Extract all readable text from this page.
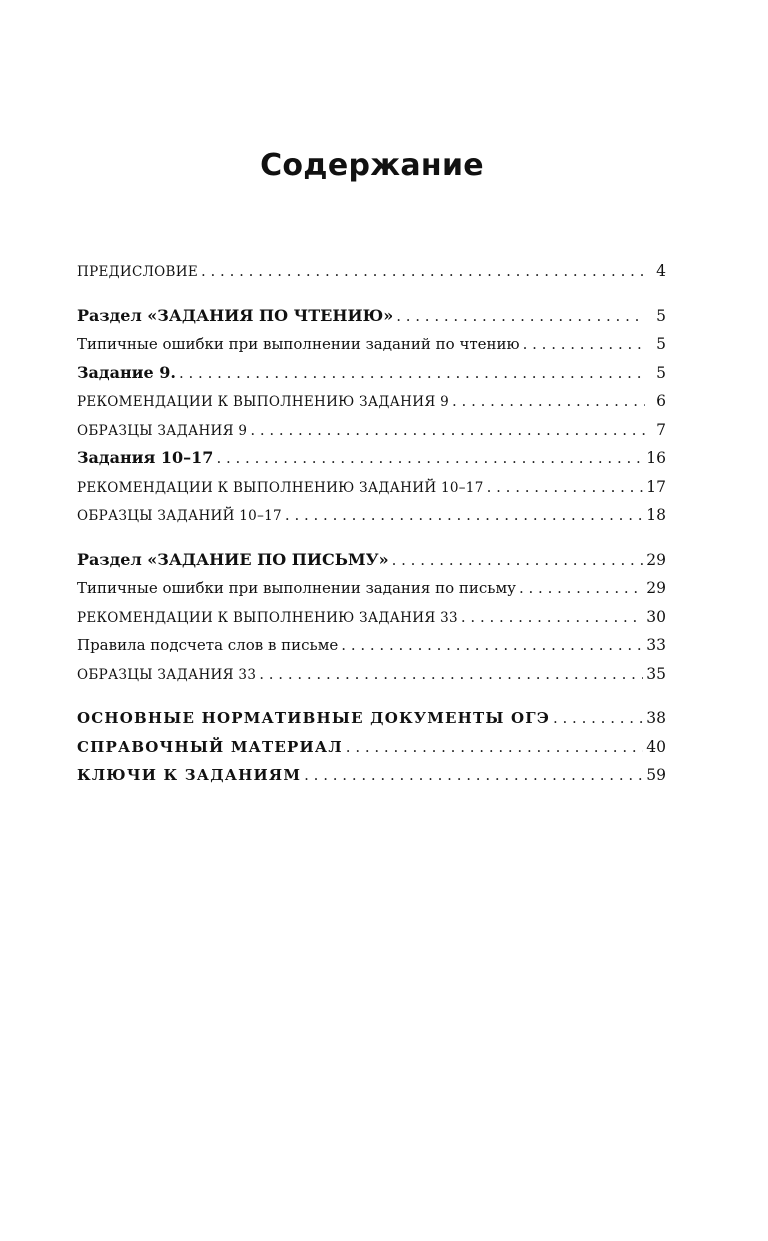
Содержание
ПРЕДИСЛОВИЕ . . .	4
Раздел «ЗАДАНИЯ ПО ЧТЕНИЮ» . . .	5
Типичные ошибки при выполнении заданий по чтению . . .	5
Задание 9. . . .	5
РЕКОМЕНДАЦИИ К ВЫПОЛНЕНИЮ ЗАДАНИЯ 9 . . .	6
ОБРАЗЦЫ ЗАДАНИЯ 9 . . .	7
Задания 10–17 . . .	16
РЕКОМЕНДАЦИИ К ВЫПОЛНЕНИЮ ЗАДАНИЙ 10–17 . . .	17
ОБРАЗЦЫ ЗАДАНИЙ 10–17 . . .	18
Раздел «ЗАДАНИЕ ПО ПИСЬМУ» . . .	29
Типичные ошибки при выполнении задания по письму . . .	29
РЕКОМЕНДАЦИИ К ВЫПОЛНЕНИЮ ЗАДАНИЯ 33 . . .	30
Правила подсчета слов в письме . . .	33
ОБРАЗЦЫ ЗАДАНИЯ 33 . . .	35
ОСНОВНЫЕ НОРМАТИВНЫЕ ДОКУМЕНТЫ ОГЭ . . .	38
СПРАВОЧНЫЙ МАТЕРИАЛ . . .	40
КЛЮЧИ К ЗАДАНИЯМ . . .	59
